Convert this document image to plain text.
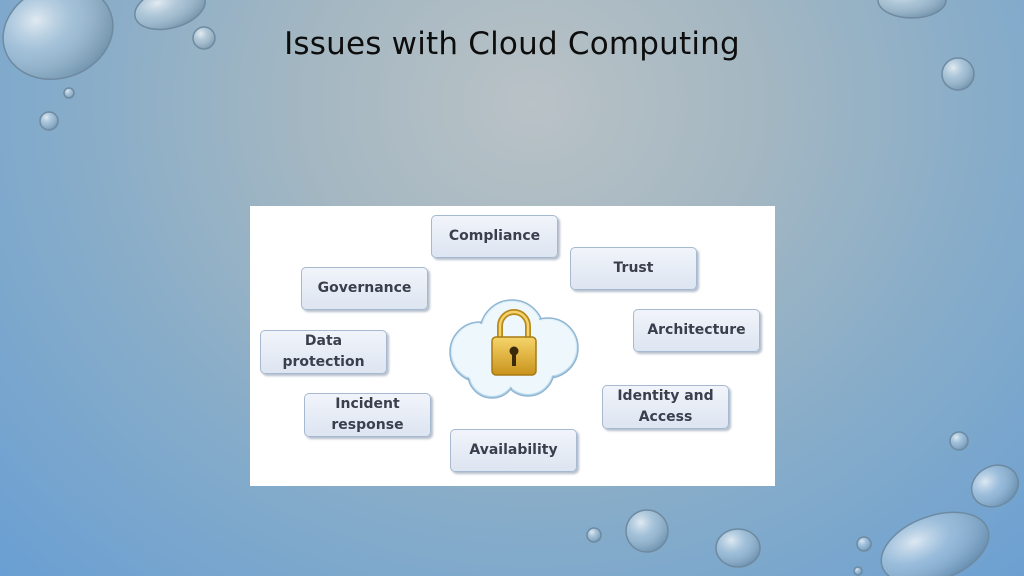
Issues with Cloud Computing
Compliance
Trust
Governance
Architecture
Data
protection
Identity and
Access
Incident
response
Availability
